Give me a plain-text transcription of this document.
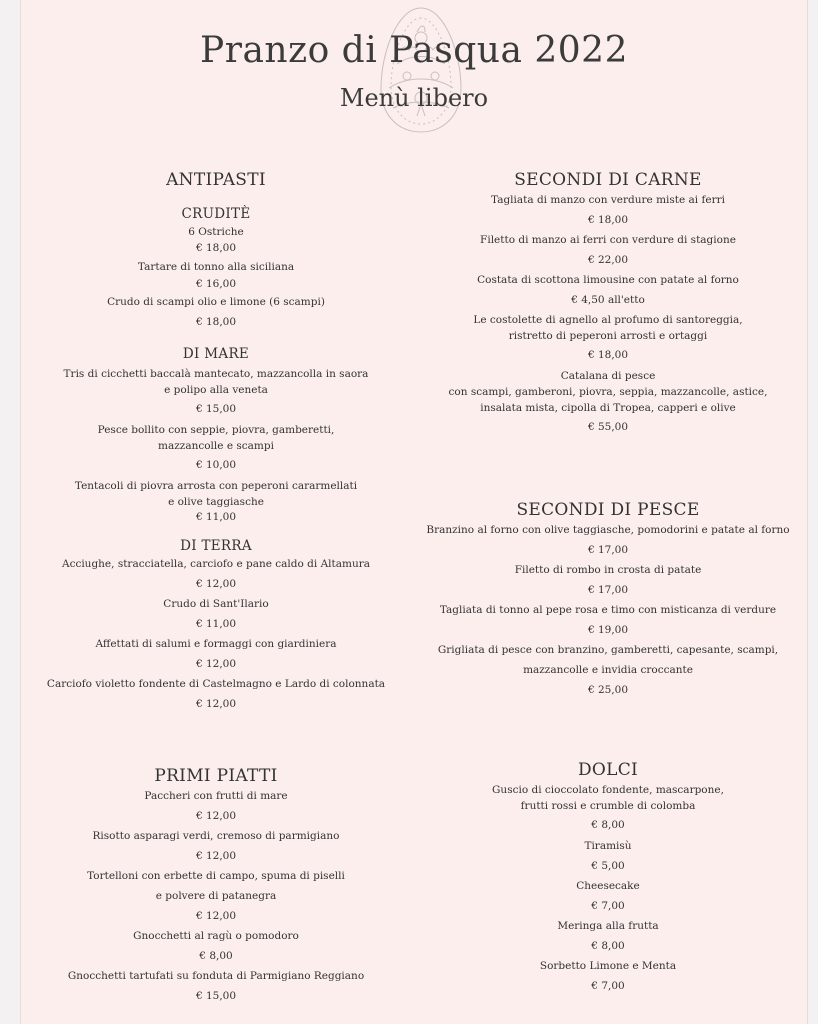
Pranzo di Pasqua 2022
Menù libero
ANTIPASTI
CRUDITÈ
6 Ostriche
€ 18,00
Tartare di tonno alla siciliana
€ 16,00
Crudo di scampi olio e limone (6 scampi)
€ 18,00
DI MARE
Tris di cicchetti baccalà mantecato, mazzancolla in saora
e polipo alla veneta
€ 15,00
Pesce bollito con seppie, piovra, gamberetti,
mazzancolle e scampi
€ 10,00
Tentacoli di piovra arrosta con peperoni cararmellati
e olive taggiasche
€ 11,00
DI TERRA
Acciughe, stracciatella, carciofo e pane caldo di Altamura
€ 12,00
Crudo di Sant'Ilario
€ 11,00
Affettati di salumi e formaggi con giardiniera
€ 12,00
Carciofo violetto fondente di Castelmagno e Lardo di colonnata
€ 12,00
PRIMI PIATTI
Paccheri con frutti di mare
€ 12,00
Risotto asparagi verdi, cremoso di parmigiano
€ 12,00
Tortelloni con erbette di campo, spuma di piselli
e polvere di patanegra
€ 12,00
Gnocchetti al ragù o pomodoro
€ 8,00
Gnocchetti tartufati su fonduta di Parmigiano Reggiano
€ 15,00
SECONDI DI CARNE
Tagliata di manzo con verdure miste ai ferri
€ 18,00
Filetto di manzo ai ferri con verdure di stagione
€ 22,00
Costata di scottona limousine con patate al forno
€ 4,50 all'etto
Le costolette di agnello al profumo di santoreggia,
ristretto di peperoni arrosti e ortaggi
€ 18,00
Catalana di pesce
con scampi, gamberoni, piovra, seppia, mazzancolle, astice,
insalata mista, cipolla di Tropea, capperi e olive
€ 55,00
SECONDI DI PESCE
Branzino al forno con olive taggiasche, pomodorini e patate al forno
€ 17,00
Filetto di rombo in crosta di patate
€ 17,00
Tagliata di tonno al pepe rosa e timo con misticanza di verdure
€ 19,00
Grigliata di pesce con branzino, gamberetti, capesante, scampi,
mazzancolle e invidia croccante
€ 25,00
DOLCI
Guscio di cioccolato fondente, mascarpone,
frutti rossi e crumble di colomba
€ 8,00
Tiramisù
€ 5,00
Cheesecake
€ 7,00
Meringa alla frutta
€ 8,00
Sorbetto Limone e Menta
€ 7,00
